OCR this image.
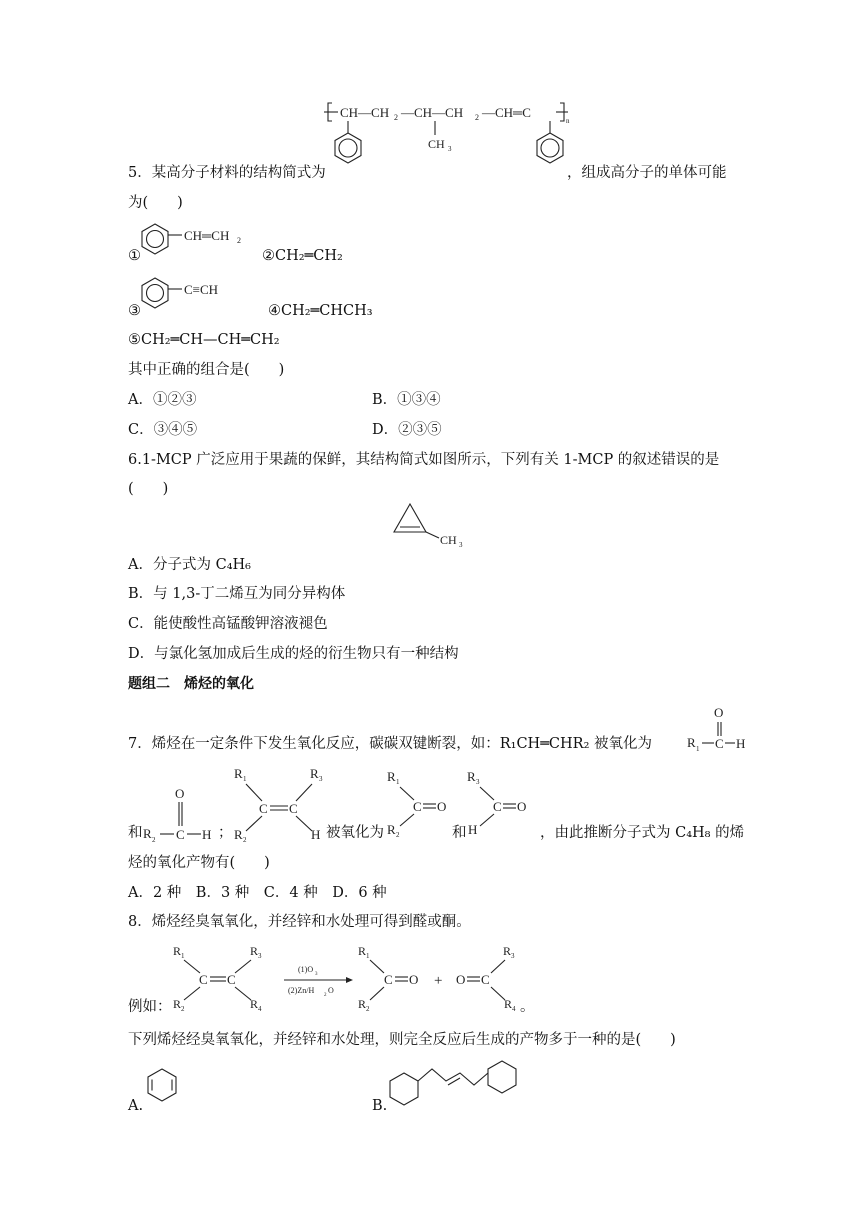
CH—CH 2 —CH—CH 2 —CH═C
n
CH 3
5．某高分子材料的结构简式为	，组成高分子的单体可能
为(　　)
①
CH═CH 2
②CH₂═CH₂
③
C≡CH
④CH₂═CHCH₃
⑤CH₂═CH—CH═CH₂
其中正确的组合是(　　)
A．①②③	B．①③④
C．③④⑤	D．②③⑤
6.1-MCP 广泛应用于果蔬的保鲜，其结构简式如图所示，下列有关 1-MCP 的叙述错误的是
(　　)
CH 3
A．分子式为 C₄H₆
B．与 1,3-丁二烯互为同分异构体
C．能使酸性高锰酸钾溶液褪色
D．与氯化氢加成后生成的烃的衍生物只有一种结构
题组二　烯烃的氧化
7．烯烃在一定条件下发生氧化反应，碳碳双键断裂，如：R₁CH═CHR₂ 被氧化为	R 1 C
O
H
和 R 2 C
O
H ；
R 1	R 3
C C
R 2	H 被氧化为
R 1
C O
R 2	和
R 3
C O
H	，由此推断分子式为 C₄H₈ 的烯
烃的氧化产物有(　　)
A．2 种　B．3 种　C．4 种　D．6 种
8．烯烃经臭氧氧化，并经锌和水处理可得到醛或酮。
R 1	R 3
C C
R 2	R 4
(1)O
3
(2)Zn/H
2
O
R 1
C O
R 2
+ O C
R 3
R 4
例如：	。
下列烯烃经臭氧氧化，并经锌和水处理，则完全反应后生成的产物多于一种的是(　　)
A.	B.
